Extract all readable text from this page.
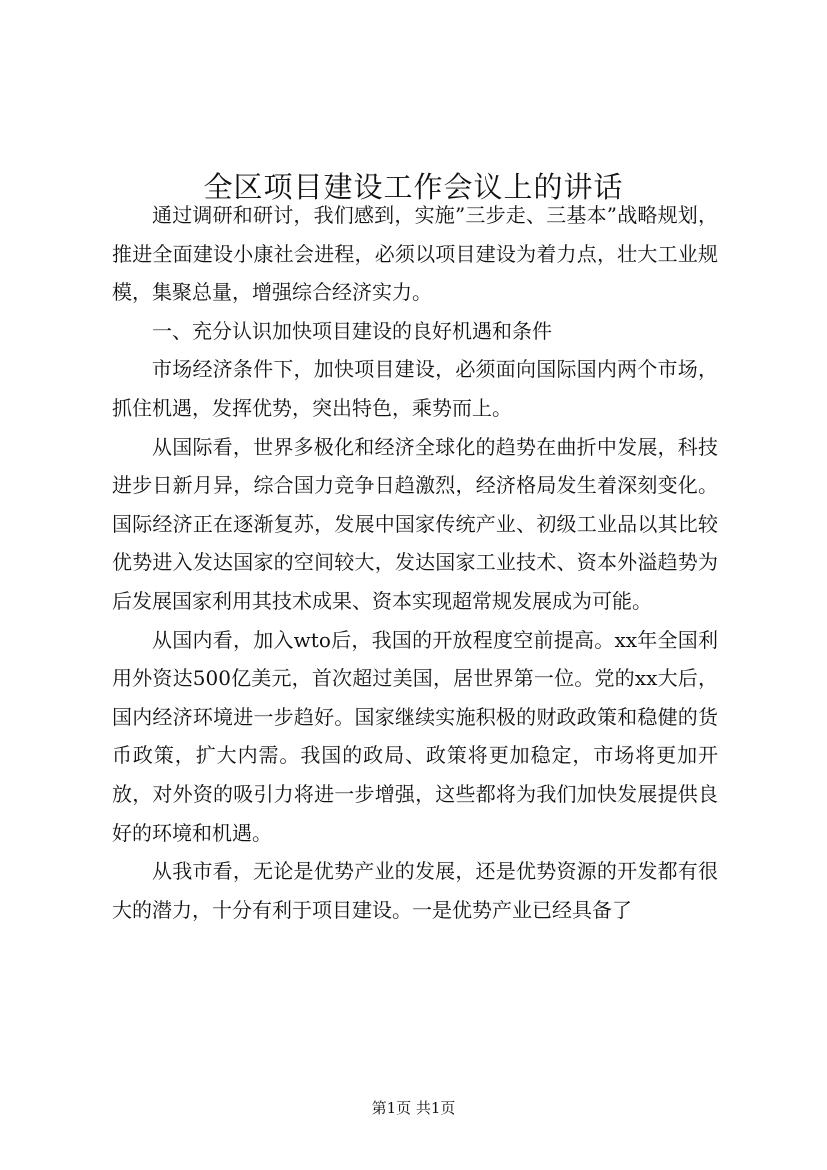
全区项目建设工作会议上的讲话

通过调研和研讨，我们感到，实施”三步走、三基本”战略规划，推进全面建设小康社会进程，必须以项目建设为着力点，壮大工业规模，集聚总量，增强综合经济实力。

一、充分认识加快项目建设的良好机遇和条件

市场经济条件下，加快项目建设，必须面向国际国内两个市场，抓住机遇，发挥优势，突出特色，乘势而上。

从国际看，世界多极化和经济全球化的趋势在曲折中发展，科技进步日新月异，综合国力竞争日趋激烈，经济格局发生着深刻变化。国际经济正在逐渐复苏，发展中国家传统产业、初级工业品以其比较优势进入发达国家的空间较大，发达国家工业技术、资本外溢趋势为后发展国家利用其技术成果、资本实现超常规发展成为可能。

从国内看，加入wto后，我国的开放程度空前提高。xx年全国利用外资达500亿美元，首次超过美国，居世界第一位。党的xx大后，国内经济环境进一步趋好。国家继续实施积极的财政政策和稳健的货币政策，扩大内需。我国的政局、政策将更加稳定，市场将更加开放，对外资的吸引力将进一步增强，这些都将为我们加快发展提供良好的环境和机遇。

从我市看，无论是优势产业的发展，还是优势资源的开发都有很大的潜力，十分有利于项目建设。一是优势产业已经具备了

第1页 共1页
